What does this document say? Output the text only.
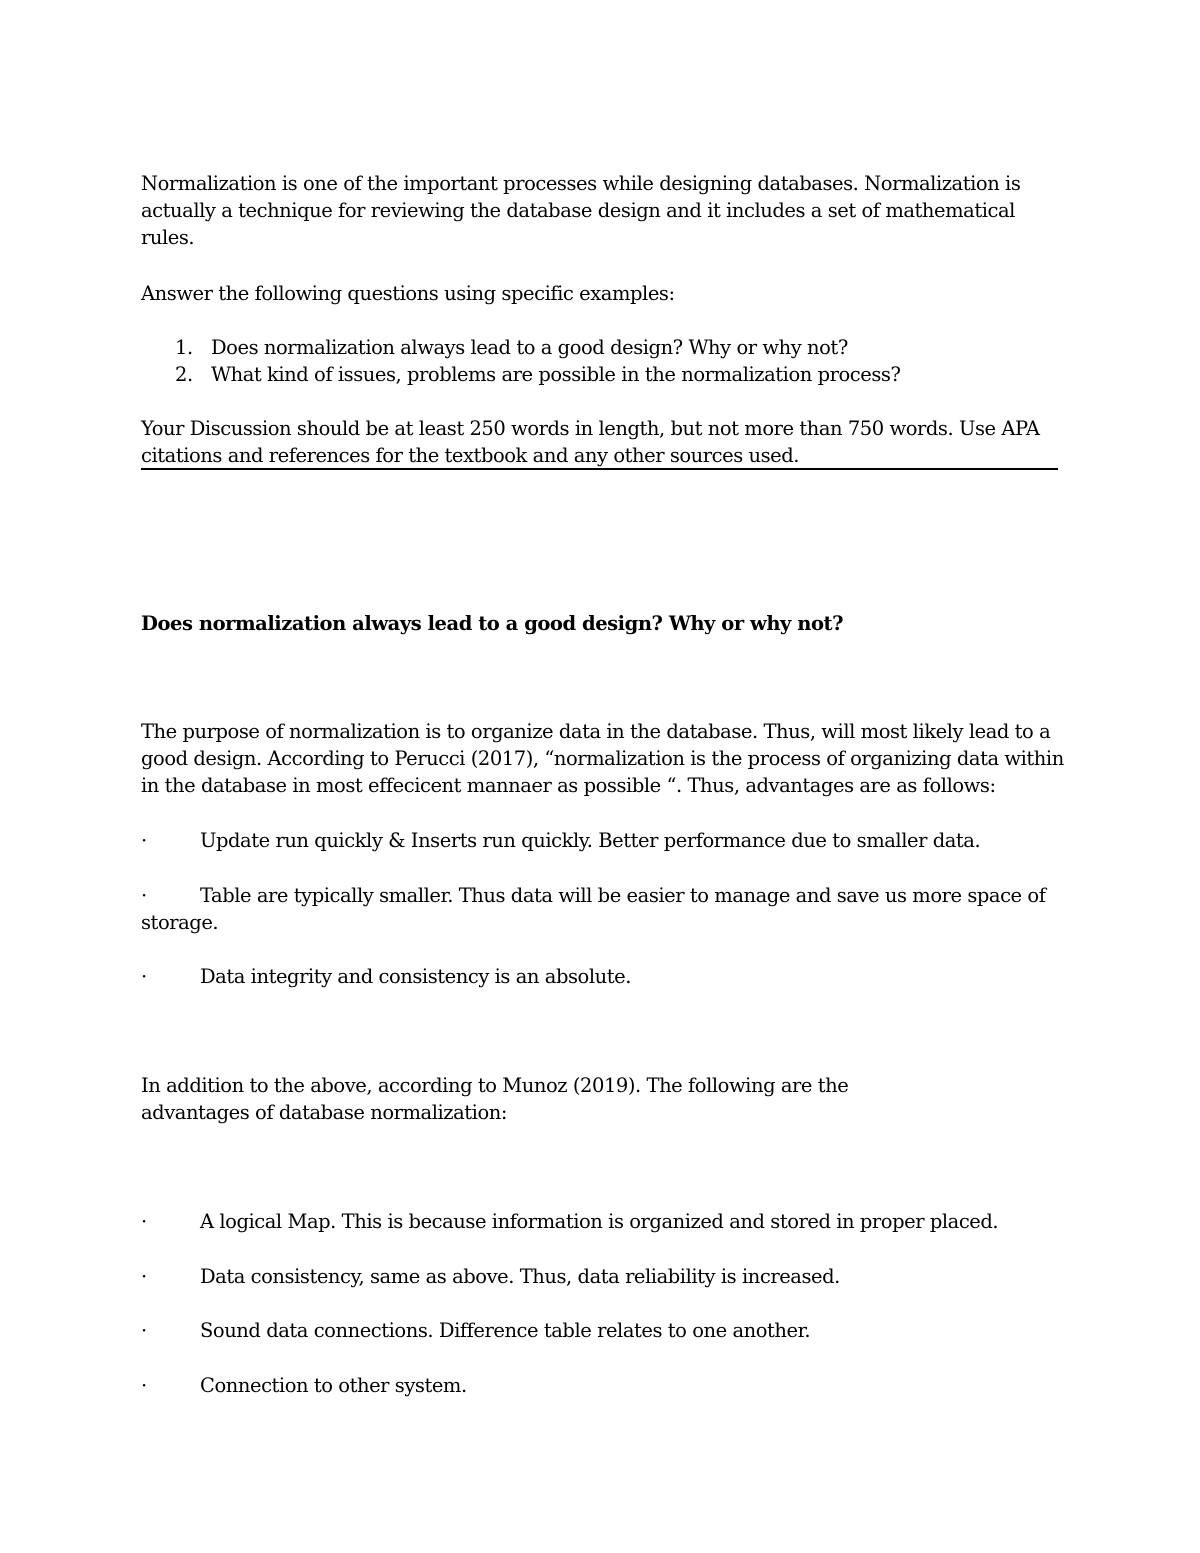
Normalization is one of the important processes while designing databases. Normalization is actually a technique for reviewing the database design and it includes a set of mathematical rules.
Answer the following questions using specific examples:
1. Does normalization always lead to a good design? Why or why not?
2. What kind of issues, problems are possible in the normalization process?
Your Discussion should be at least 250 words in length, but not more than 750 words. Use APA citations and references for the textbook and any other sources used.
Does normalization always lead to a good design? Why or why not?
The purpose of normalization is to organize data in the database. Thus, will most likely lead to a good design. According to Perucci (2017), “normalization is the process of organizing data within in the database in most effecicent mannaer as possible “. Thus, advantages are as follows:
·	Update run quickly & Inserts run quickly. Better performance due to smaller data.
·	Table are typically smaller. Thus data will be easier to manage and save us more space of storage.
·	Data integrity and consistency is an absolute.
In addition to the above, according to Munoz (2019). The following are the advantages of database normalization:
·	A logical Map. This is because information is organized and stored in proper placed.
·	Data consistency, same as above. Thus, data reliability is increased.
·	Sound data connections. Difference table relates to one another.
·	Connection to other system.
